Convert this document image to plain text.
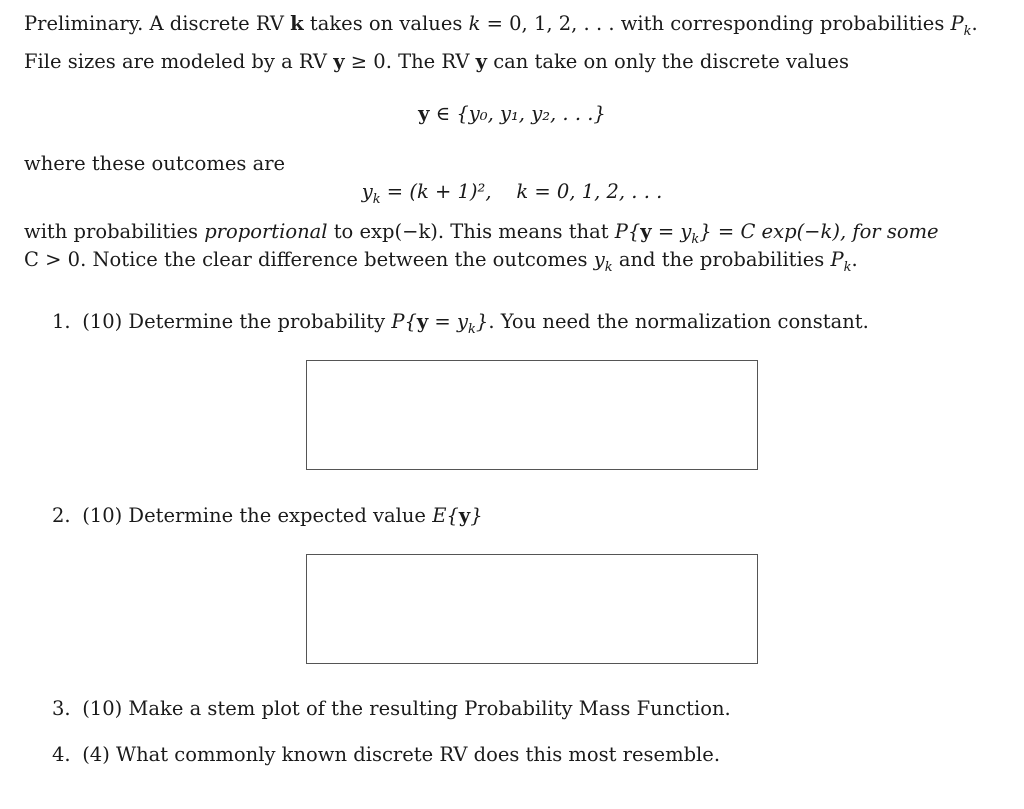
Preliminary. A discrete RV k takes on values k = 0, 1, 2, . . . with corresponding probabilities $P_k$.
File sizes are modeled by a RV y ≥ 0. The RV y can take on only the discrete values
y ∈ {y₀, y₁, y₂, . . .}
where these outcomes are
$y_k = (k + 1)^2$,    k = 0, 1, 2, . . .
with probabilities proportional to exp(−k). This means that $P\{y = y_k\} = C$ exp(−k), for some
C > 0. Notice the clear difference between the outcomes $y_k$ and the probabilities $P_k$.
1. (10) Determine the probability $P\{y = y_k\}$. You need the normalization constant.
2. (10) Determine the expected value E{y}
3. (10) Make a stem plot of the resulting Probability Mass Function.
4. (4) What commonly known discrete RV does this most resemble.
